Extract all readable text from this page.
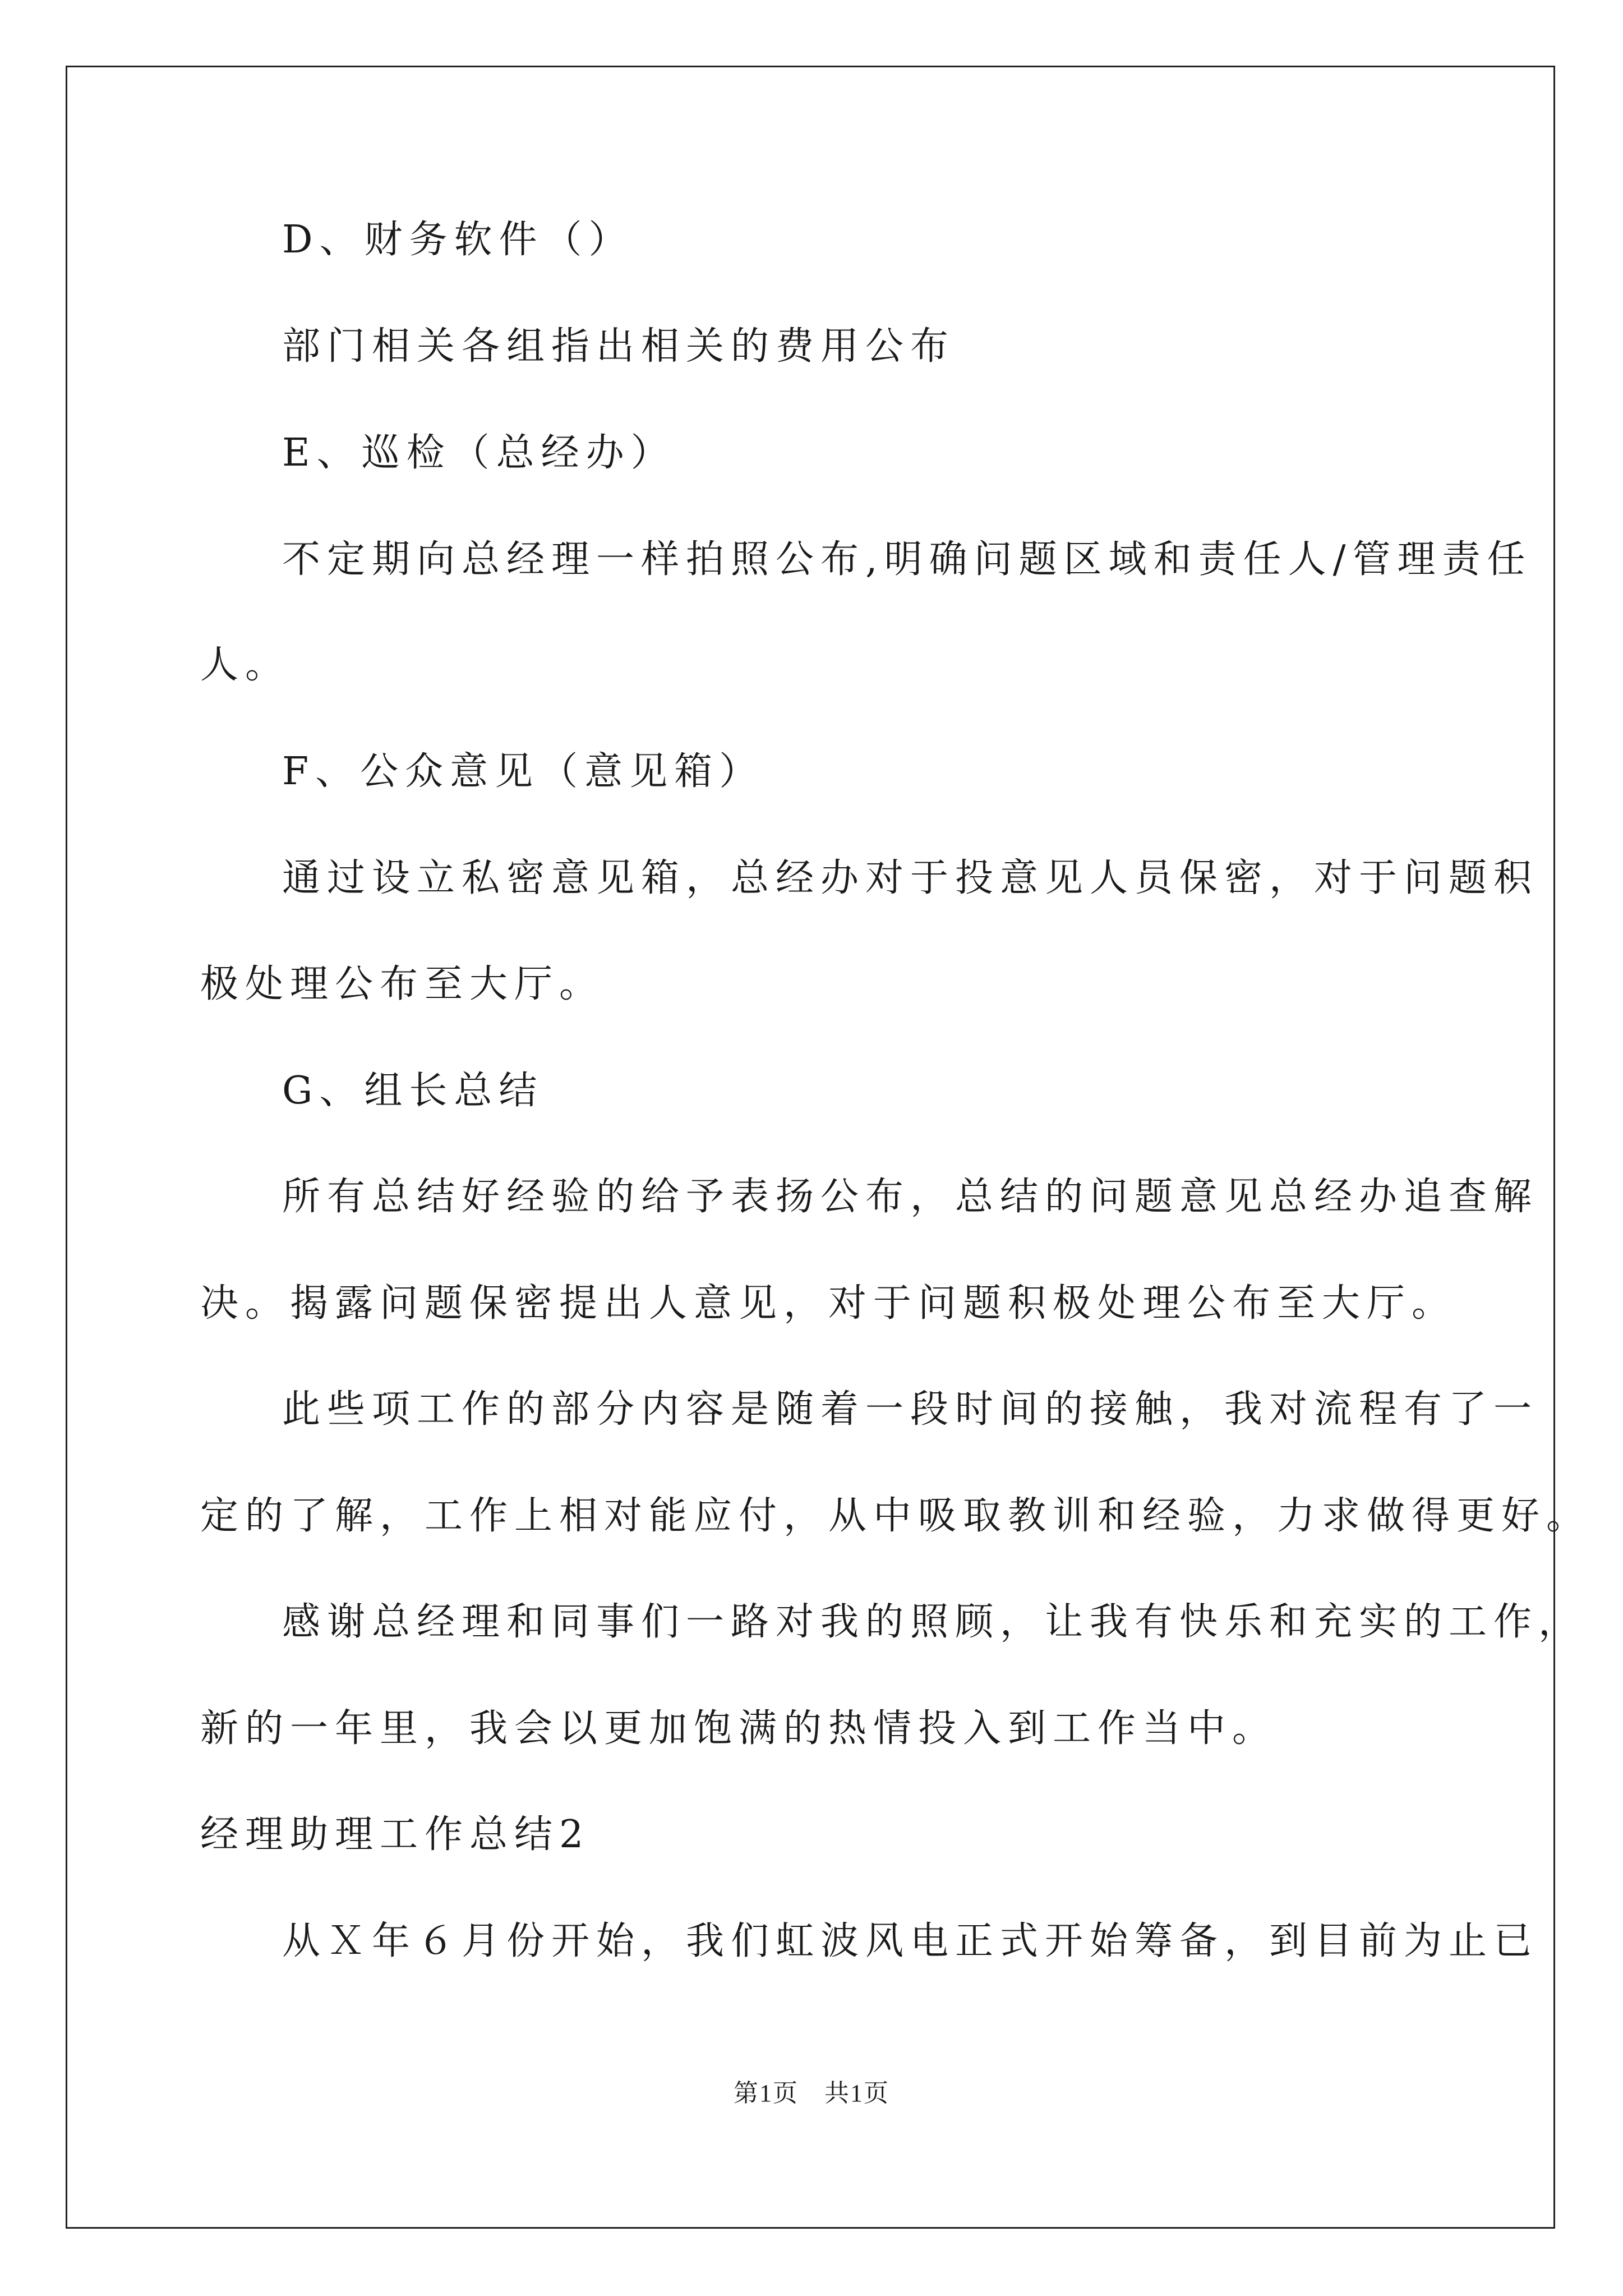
D、财务软件（）
部门相关各组指出相关的费用公布
E、巡检（总经办）
不定期向总经理一样拍照公布,明确问题区域和责任人/管理责任
人。
F、公众意见（意见箱）
通过设立私密意见箱，总经办对于投意见人员保密，对于问题积
极处理公布至大厅。
G、组长总结
所有总结好经验的给予表扬公布，总结的问题意见总经办追查解
决。揭露问题保密提出人意见，对于问题积极处理公布至大厅。
此些项工作的部分内容是随着一段时间的接触，我对流程有了一
定的了解，工作上相对能应付，从中吸取教训和经验，力求做得更好。
感谢总经理和同事们一路对我的照顾，让我有快乐和充实的工作，
新的一年里，我会以更加饱满的热情投入到工作当中。
经理助理工作总结2
从Ｘ年６月份开始，我们虹波风电正式开始筹备，到目前为止已
第1页　共1页
